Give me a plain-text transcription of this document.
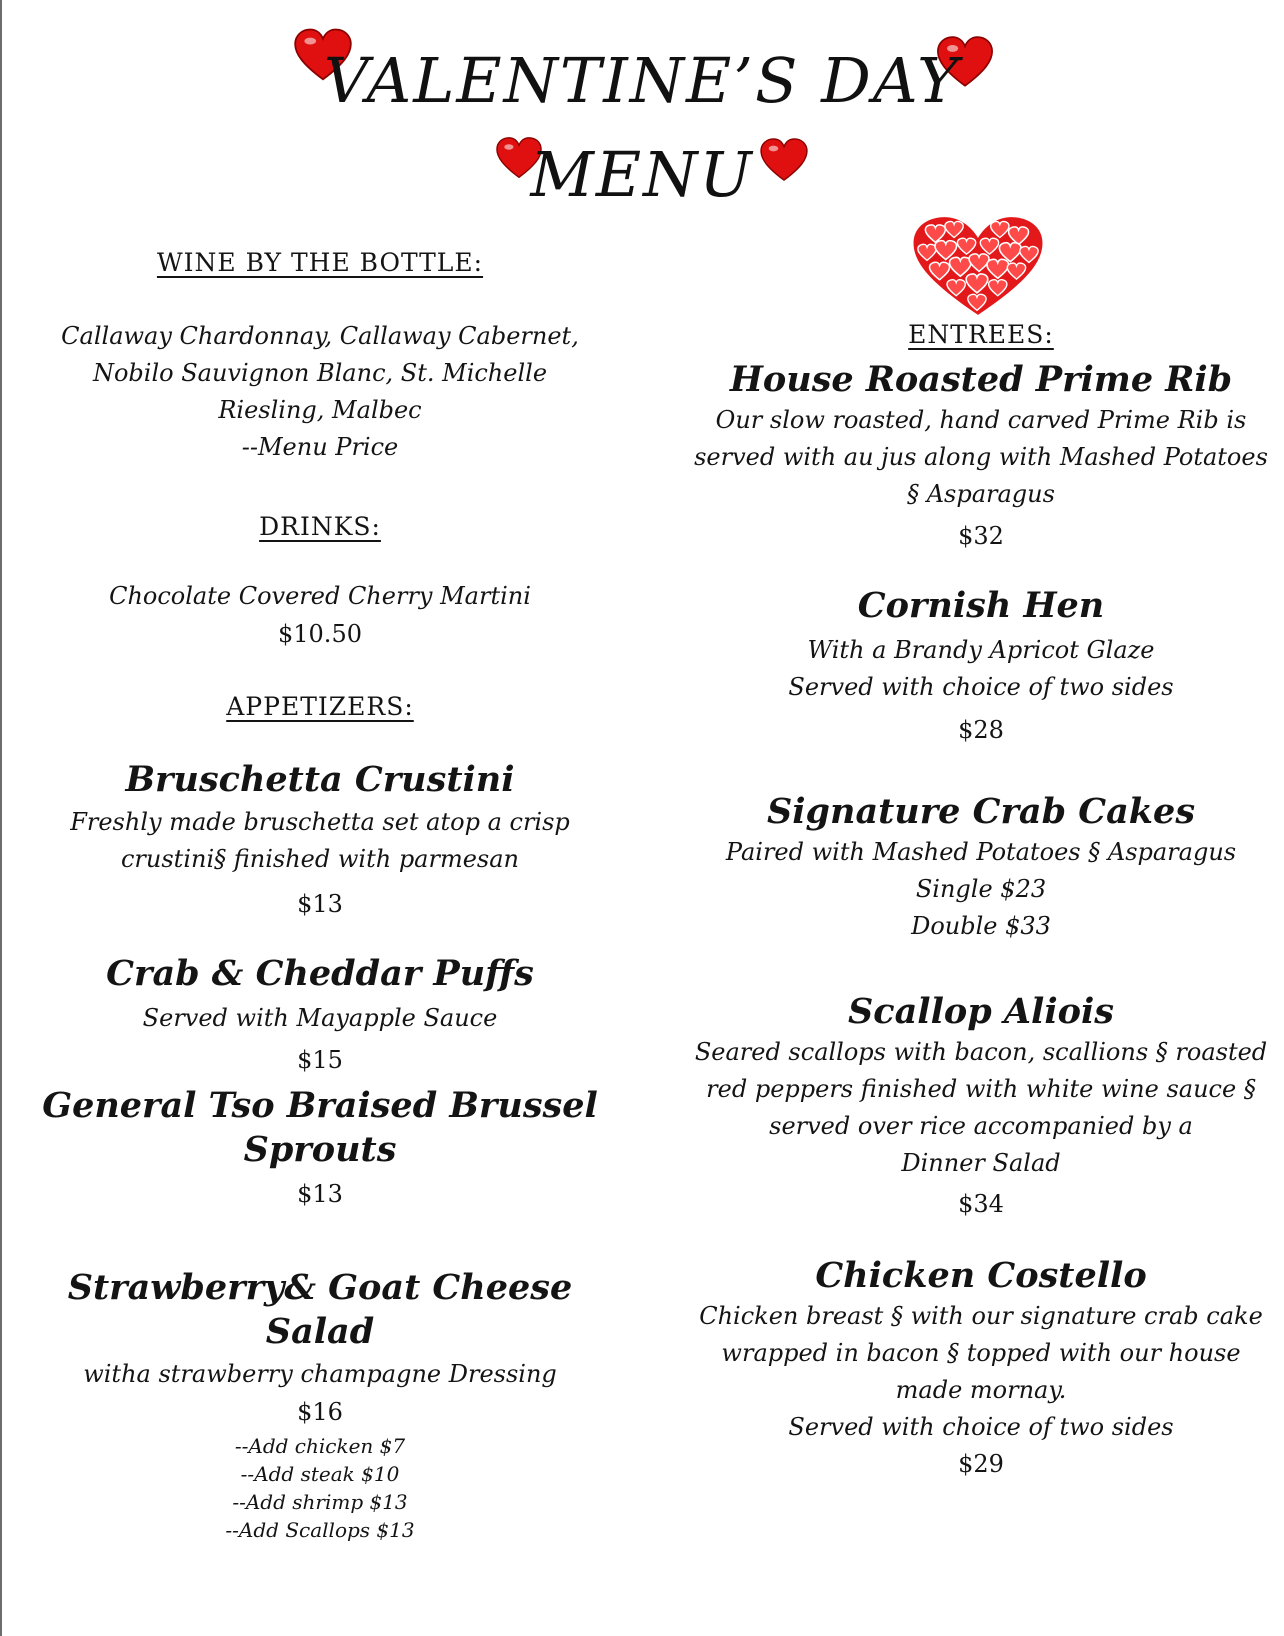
VALENTINE’S DAY
MENU
WINE BY THE BOTTLE:
Callaway Chardonnay, Callaway Cabernet,
Nobilo Sauvignon Blanc, St. Michelle
Riesling, Malbec
--Menu Price
DRINKS:
Chocolate Covered Cherry Martini
$10.50
APPETIZERS:
Bruschetta Crustini
Freshly made bruschetta set atop a crisp
crustini§ finished with parmesan
$13
Crab & Cheddar Puffs
Served with Mayapple Sauce
$15
General Tso Braised Brussel Sprouts
$13
Strawberry& Goat Cheese Salad
witha strawberry champagne Dressing
$16
--Add chicken $7
--Add steak $10
--Add shrimp $13
--Add Scallops $13
ENTREES:
House Roasted Prime Rib
Our slow roasted, hand carved Prime Rib is
served with au jus along with Mashed Potatoes
§ Asparagus
$32
Cornish Hen
With a Brandy Apricot Glaze
Served with choice of two sides
$28
Signature Crab Cakes
Paired with Mashed Potatoes § Asparagus
Single $23
Double $33
Scallop Aliois
Seared scallops with bacon, scallions § roasted
red peppers finished with white wine sauce §
served over rice accompanied by a
Dinner Salad
$34
Chicken Costello
Chicken breast § with our signature crab cake
wrapped in bacon § topped with our house
made mornay.
Served with choice of two sides
$29
